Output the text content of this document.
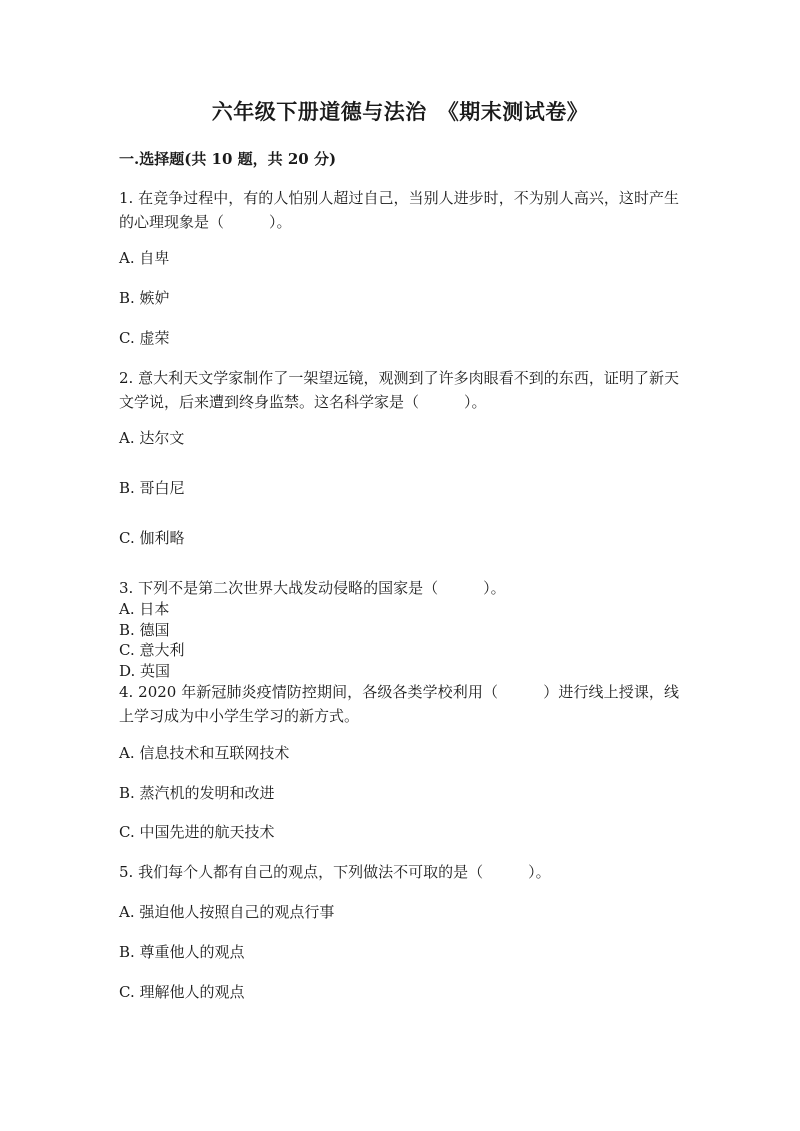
六年级下册道德与法治　《期末测试卷》
一.选择题(共 10 题，共 20 分)
1. 在竞争过程中，有的人怕别人超过自己，当别人进步时，不为别人高兴，这时产生的心理现象是（　　　）。
A. 自卑
B. 嫉妒
C. 虚荣
2. 意大利天文学家制作了一架望远镜，观测到了许多肉眼看不到的东西，证明了新天文学说，后来遭到终身监禁。这名科学家是（　　　）。
A. 达尔文
B. 哥白尼
C. 伽利略
3. 下列不是第二次世界大战发动侵略的国家是（　　　）。
A. 日本
B. 德国
C. 意大利
D. 英国
4. 2020 年新冠肺炎疫情防控期间，各级各类学校利用（　　　）进行线上授课，线上学习成为中小学生学习的新方式。
A. 信息技术和互联网技术
B. 蒸汽机的发明和改进
C. 中国先进的航天技术
5. 我们每个人都有自己的观点，下列做法不可取的是（　　　）。
A. 强迫他人按照自己的观点行事
B. 尊重他人的观点
C. 理解他人的观点
